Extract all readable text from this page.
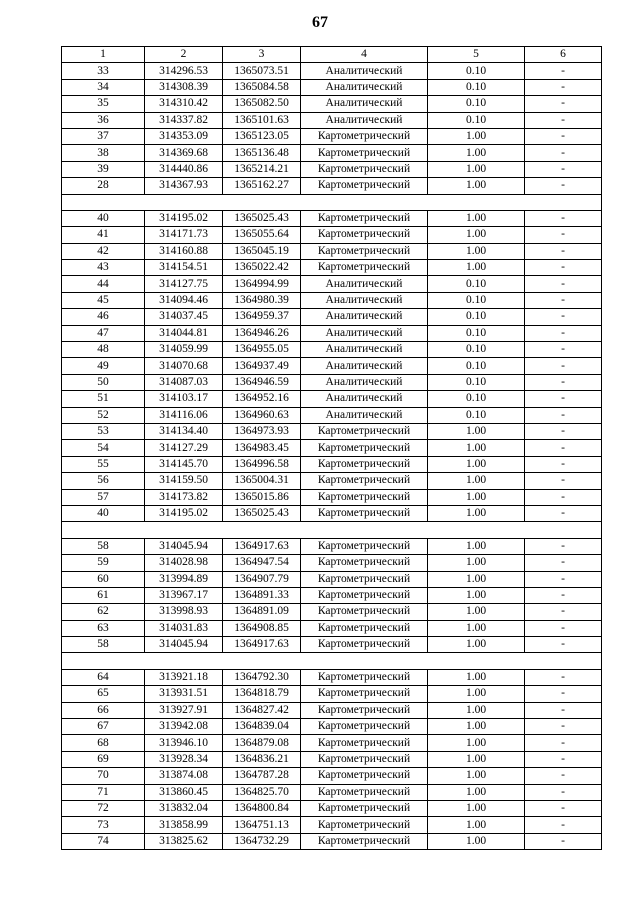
67
1	2	3	4	5	6
33	314296.53	1365073.51	Аналитический	0.10	-
34	314308.39	1365084.58	Аналитический	0.10	-
35	314310.42	1365082.50	Аналитический	0.10	-
36	314337.82	1365101.63	Аналитический	0.10	-
37	314353.09	1365123.05	Картометрический	1.00	-
38	314369.68	1365136.48	Картометрический	1.00	-
39	314440.86	1365214.21	Картометрический	1.00	-
28	314367.93	1365162.27	Картометрический	1.00	-

40	314195.02	1365025.43	Картометрический	1.00	-
41	314171.73	1365055.64	Картометрический	1.00	-
42	314160.88	1365045.19	Картометрический	1.00	-
43	314154.51	1365022.42	Картометрический	1.00	-
44	314127.75	1364994.99	Аналитический	0.10	-
45	314094.46	1364980.39	Аналитический	0.10	-
46	314037.45	1364959.37	Аналитический	0.10	-
47	314044.81	1364946.26	Аналитический	0.10	-
48	314059.99	1364955.05	Аналитический	0.10	-
49	314070.68	1364937.49	Аналитический	0.10	-
50	314087.03	1364946.59	Аналитический	0.10	-
51	314103.17	1364952.16	Аналитический	0.10	-
52	314116.06	1364960.63	Аналитический	0.10	-
53	314134.40	1364973.93	Картометрический	1.00	-
54	314127.29	1364983.45	Картометрический	1.00	-
55	314145.70	1364996.58	Картометрический	1.00	-
56	314159.50	1365004.31	Картометрический	1.00	-
57	314173.82	1365015.86	Картометрический	1.00	-
40	314195.02	1365025.43	Картометрический	1.00	-

58	314045.94	1364917.63	Картометрический	1.00	-
59	314028.98	1364947.54	Картометрический	1.00	-
60	313994.89	1364907.79	Картометрический	1.00	-
61	313967.17	1364891.33	Картометрический	1.00	-
62	313998.93	1364891.09	Картометрический	1.00	-
63	314031.83	1364908.85	Картометрический	1.00	-
58	314045.94	1364917.63	Картометрический	1.00	-

64	313921.18	1364792.30	Картометрический	1.00	-
65	313931.51	1364818.79	Картометрический	1.00	-
66	313927.91	1364827.42	Картометрический	1.00	-
67	313942.08	1364839.04	Картометрический	1.00	-
68	313946.10	1364879.08	Картометрический	1.00	-
69	313928.34	1364836.21	Картометрический	1.00	-
70	313874.08	1364787.28	Картометрический	1.00	-
71	313860.45	1364825.70	Картометрический	1.00	-
72	313832.04	1364800.84	Картометрический	1.00	-
73	313858.99	1364751.13	Картометрический	1.00	-
74	313825.62	1364732.29	Картометрический	1.00	-
